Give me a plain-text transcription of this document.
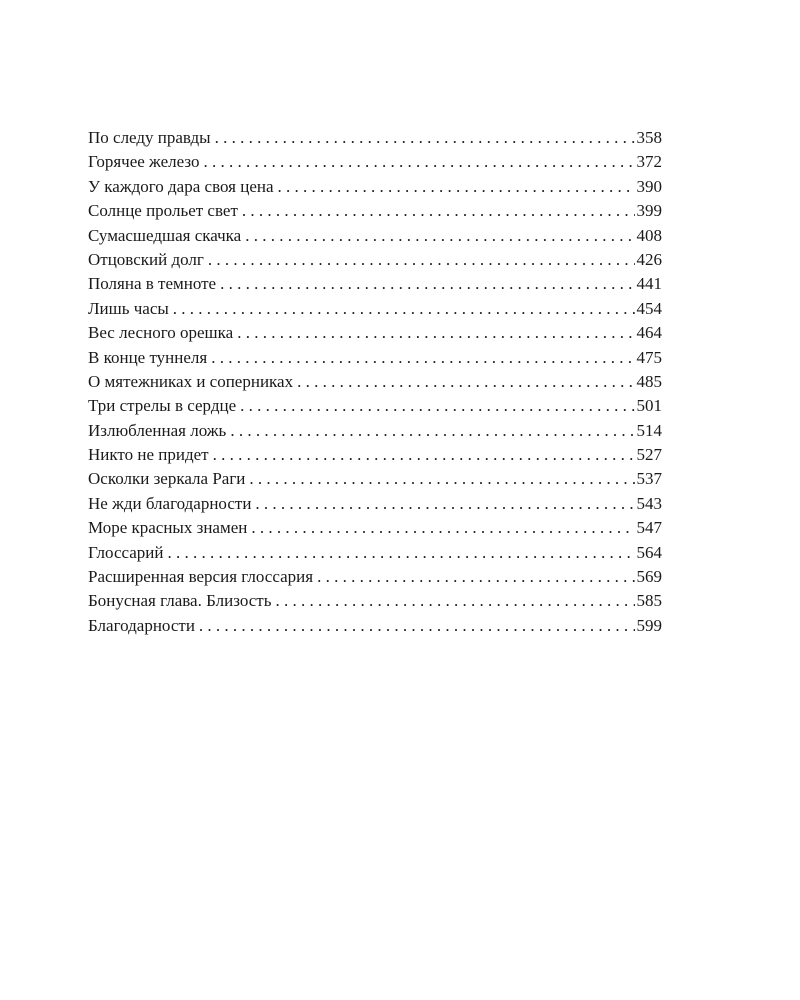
По следу правды . . .	358
Горячее железо . . .	372
У каждого дара своя цена . . .	390
Солнце прольет свет . . .	399
Сумасшедшая скачка . . .	408
Отцовский долг . . .	426
Поляна в темноте . . .	441
Лишь часы . . .	454
Вес лесного орешка . . .	464
В конце туннеля . . .	475
О мятежниках и соперниках . . .	485
Три стрелы в сердце . . .	501
Излюбленная ложь . . .	514
Никто не придет . . .	527
Осколки зеркала Раги . . .	537
Не жди благодарности . . .	543
Море красных знамен . . .	547
Глоссарий . . .	564
Расширенная версия глоссария . . .	569
Бонусная глава. Близость . . .	585
Благодарности . . .	599
